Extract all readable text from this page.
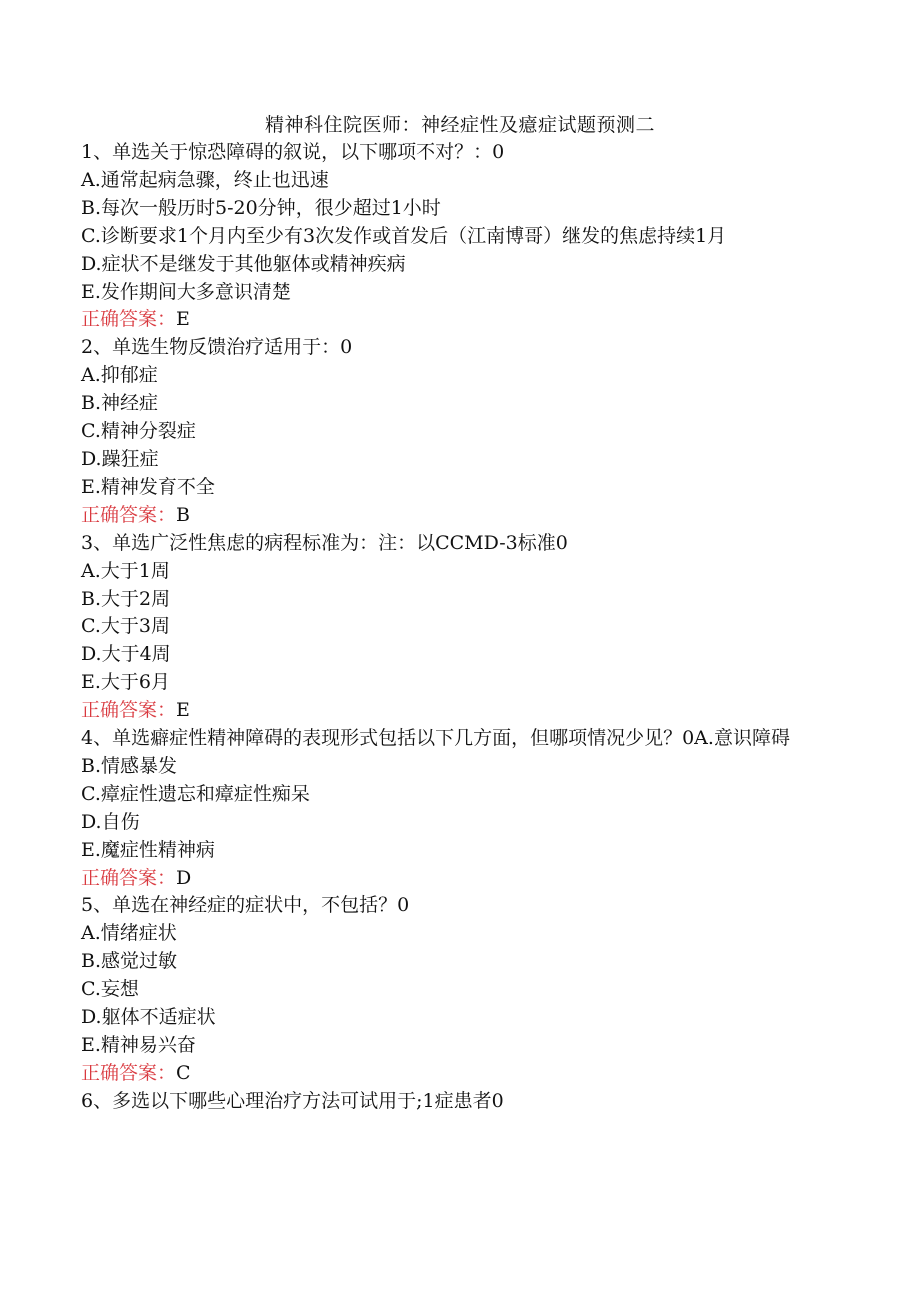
精神科住院医师：神经症性及癔症试题预测二
1、单选关于惊恐障碍的叙说，以下哪项不对？：0
A.通常起病急骤，终止也迅速
B.每次一般历时5-20分钟，很少超过1小时
C.诊断要求1个月内至少有3次发作或首发后（江南博哥）继发的焦虑持续1月
D.症状不是继发于其他躯体或精神疾病
E.发作期间大多意识清楚
正确答案：E
2、单选生物反馈治疗适用于：0
A.抑郁症
B.神经症
C.精神分裂症
D.躁狂症
E.精神发育不全
正确答案：B
3、单选广泛性焦虑的病程标准为：注：以CCMD-3标准0
A.大于1周
B.大于2周
C.大于3周
D.大于4周
E.大于6月
正确答案：E
4、单选癖症性精神障碍的表现形式包括以下几方面，但哪项情况少见？0A.意识障碍
B.情感暴发
C.瘴症性遗忘和瘴症性痴呆
D.自伤
E.魔症性精神病
正确答案：D
5、单选在神经症的症状中，不包括？0
A.情绪症状
B.感觉过敏
C.妄想
D.躯体不适症状
E.精神易兴奋
正确答案：C
6、多选以下哪些心理治疗方法可试用于;1症患者0
